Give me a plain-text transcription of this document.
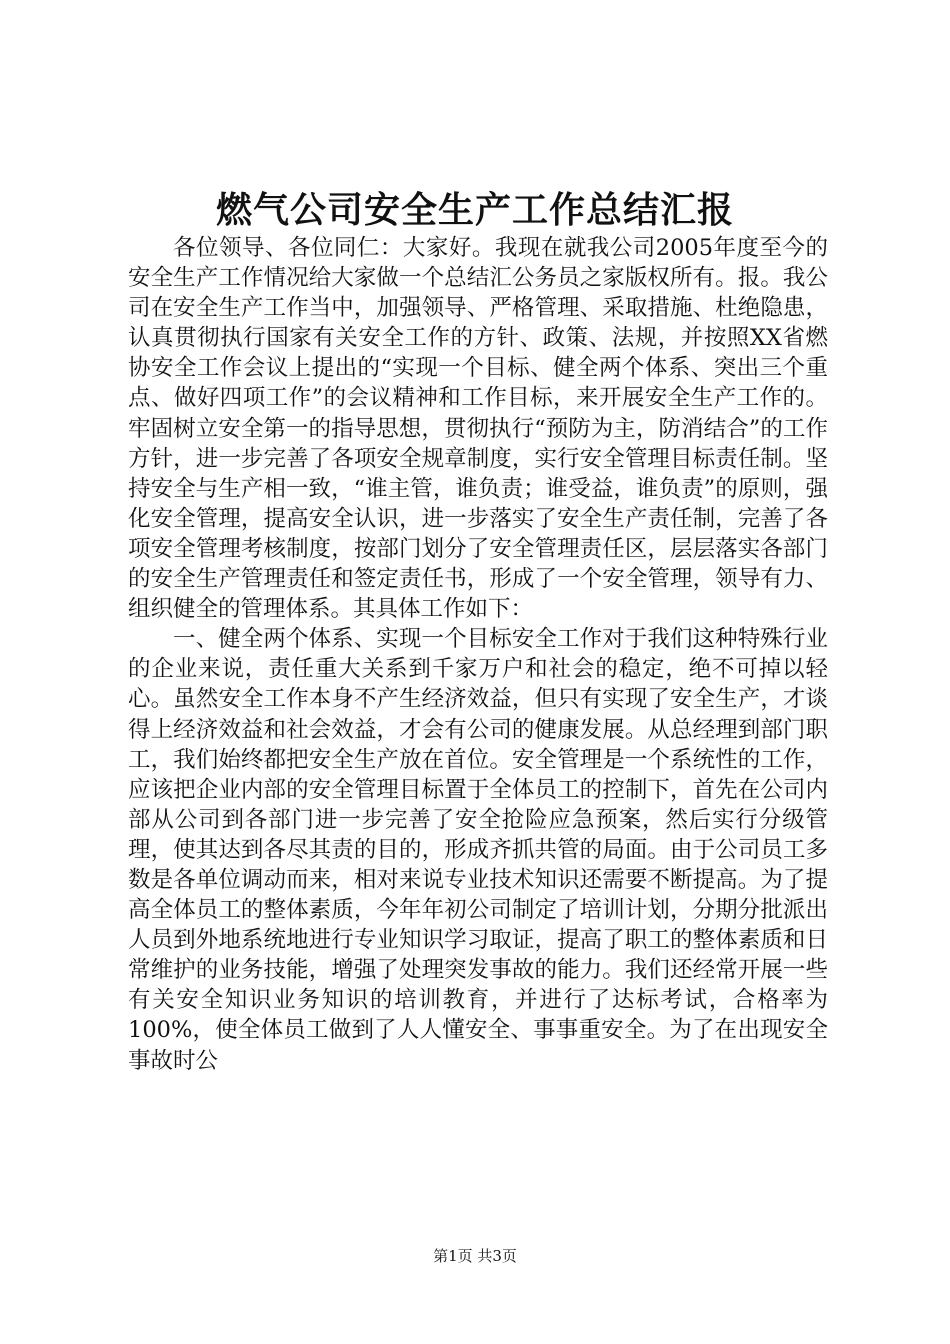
燃气公司安全生产工作总结汇报

各位领导、各位同仁：大家好。我现在就我公司2005年度至今的安全生产工作情况给大家做一个总结汇公务员之家版权所有。报。我公司在安全生产工作当中，加强领导、严格管理、采取措施、杜绝隐患，认真贯彻执行国家有关安全工作的方针、政策、法规，并按照XX省燃协安全工作会议上提出的“实现一个目标、健全两个体系、突出三个重点、做好四项工作”的会议精神和工作目标，来开展安全生产工作的。牢固树立安全第一的指导思想，贯彻执行“预防为主，防消结合”的工作方针，进一步完善了各项安全规章制度，实行安全管理目标责任制。坚持安全与生产相一致，“谁主管，谁负责；谁受益，谁负责”的原则，强化安全管理，提高安全认识，进一步落实了安全生产责任制，完善了各项安全管理考核制度，按部门划分了安全管理责任区，层层落实各部门的安全生产管理责任和签定责任书，形成了一个安全管理，领导有力、组织健全的管理体系。其具体工作如下：

一、健全两个体系、实现一个目标安全工作对于我们这种特殊行业的企业来说，责任重大关系到千家万户和社会的稳定，绝不可掉以轻心。虽然安全工作本身不产生经济效益，但只有实现了安全生产，才谈得上经济效益和社会效益，才会有公司的健康发展。从总经理到部门职工，我们始终都把安全生产放在首位。安全管理是一个系统性的工作，应该把企业内部的安全管理目标置于全体员工的控制下，首先在公司内部从公司到各部门进一步完善了安全抢险应急预案，然后实行分级管理，使其达到各尽其责的目的，形成齐抓共管的局面。由于公司员工多数是各单位调动而来，相对来说专业技术知识还需要不断提高。为了提高全体员工的整体素质，今年年初公司制定了培训计划，分期分批派出人员到外地系统地进行专业知识学习取证，提高了职工的整体素质和日常维护的业务技能，增强了处理突发事故的能力。我们还经常开展一些有关安全知识业务知识的培训教育，并进行了达标考试，合格率为100%，使全体员工做到了人人懂安全、事事重安全。为了在出现安全事故时公

第1页 共3页
